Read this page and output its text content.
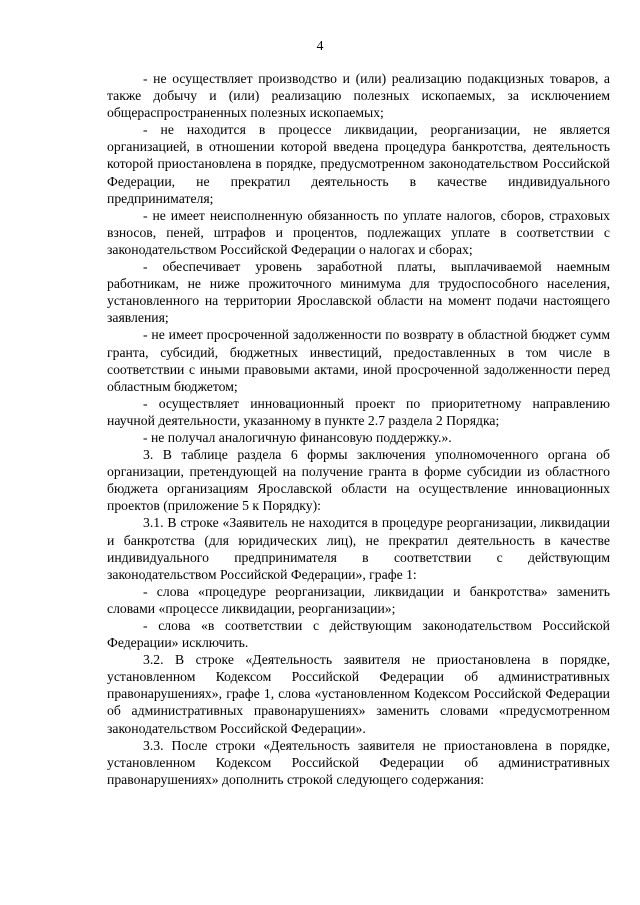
4

- не осуществляет производство и (или) реализацию подакцизных товаров, а также добычу и (или) реализацию полезных ископаемых, за исключением общераспространенных полезных ископаемых;

- не находится в процессе ликвидации, реорганизации, не является организацией, в отношении которой введена процедура банкротства, деятельность которой приостановлена в порядке, предусмотренном законодательством Российской Федерации, не прекратил деятельность в качестве индивидуального предпринимателя;

- не имеет неисполненную обязанность по уплате налогов, сборов, страховых взносов, пеней, штрафов и процентов, подлежащих уплате в соответствии с законодательством Российской Федерации о налогах и сборах;

- обеспечивает уровень заработной платы, выплачиваемой наемным работникам, не ниже прожиточного минимума для трудоспособного населения, установленного на территории Ярославской области на момент подачи настоящего заявления;

- не имеет просроченной задолженности по возврату в областной бюджет сумм гранта, субсидий, бюджетных инвестиций, предоставленных в том числе в соответствии с иными правовыми актами, иной просроченной задолженности перед областным бюджетом;

- осуществляет инновационный проект по приоритетному направлению научной деятельности, указанному в пункте 2.7 раздела 2 Порядка;

- не получал аналогичную финансовую поддержку.».

3. В таблице раздела 6 формы заключения уполномоченного органа об организации, претендующей на получение гранта в форме субсидии из областного бюджета организациям Ярославской области на осуществление инновационных проектов (приложение 5 к Порядку):

3.1. В строке «Заявитель не находится в процедуре реорганизации, ликвидации и банкротства (для юридических лиц), не прекратил деятельность в качестве индивидуального предпринимателя в соответствии с действующим законодательством Российской Федерации», графе 1:

- слова «процедуре реорганизации, ликвидации и банкротства» заменить словами «процессе ликвидации, реорганизации»;

- слова «в соответствии с действующим законодательством Российской Федерации» исключить.

3.2. В строке «Деятельность заявителя не приостановлена в порядке, установленном Кодексом Российской Федерации об административных правонарушениях», графе 1, слова «установленном Кодексом Российской Федерации об административных правонарушениях» заменить словами «предусмотренном законодательством Российской Федерации».

3.3. После строки «Деятельность заявителя не приостановлена в порядке, установленном Кодексом Российской Федерации об административных правонарушениях» дополнить строкой следующего содержания:
